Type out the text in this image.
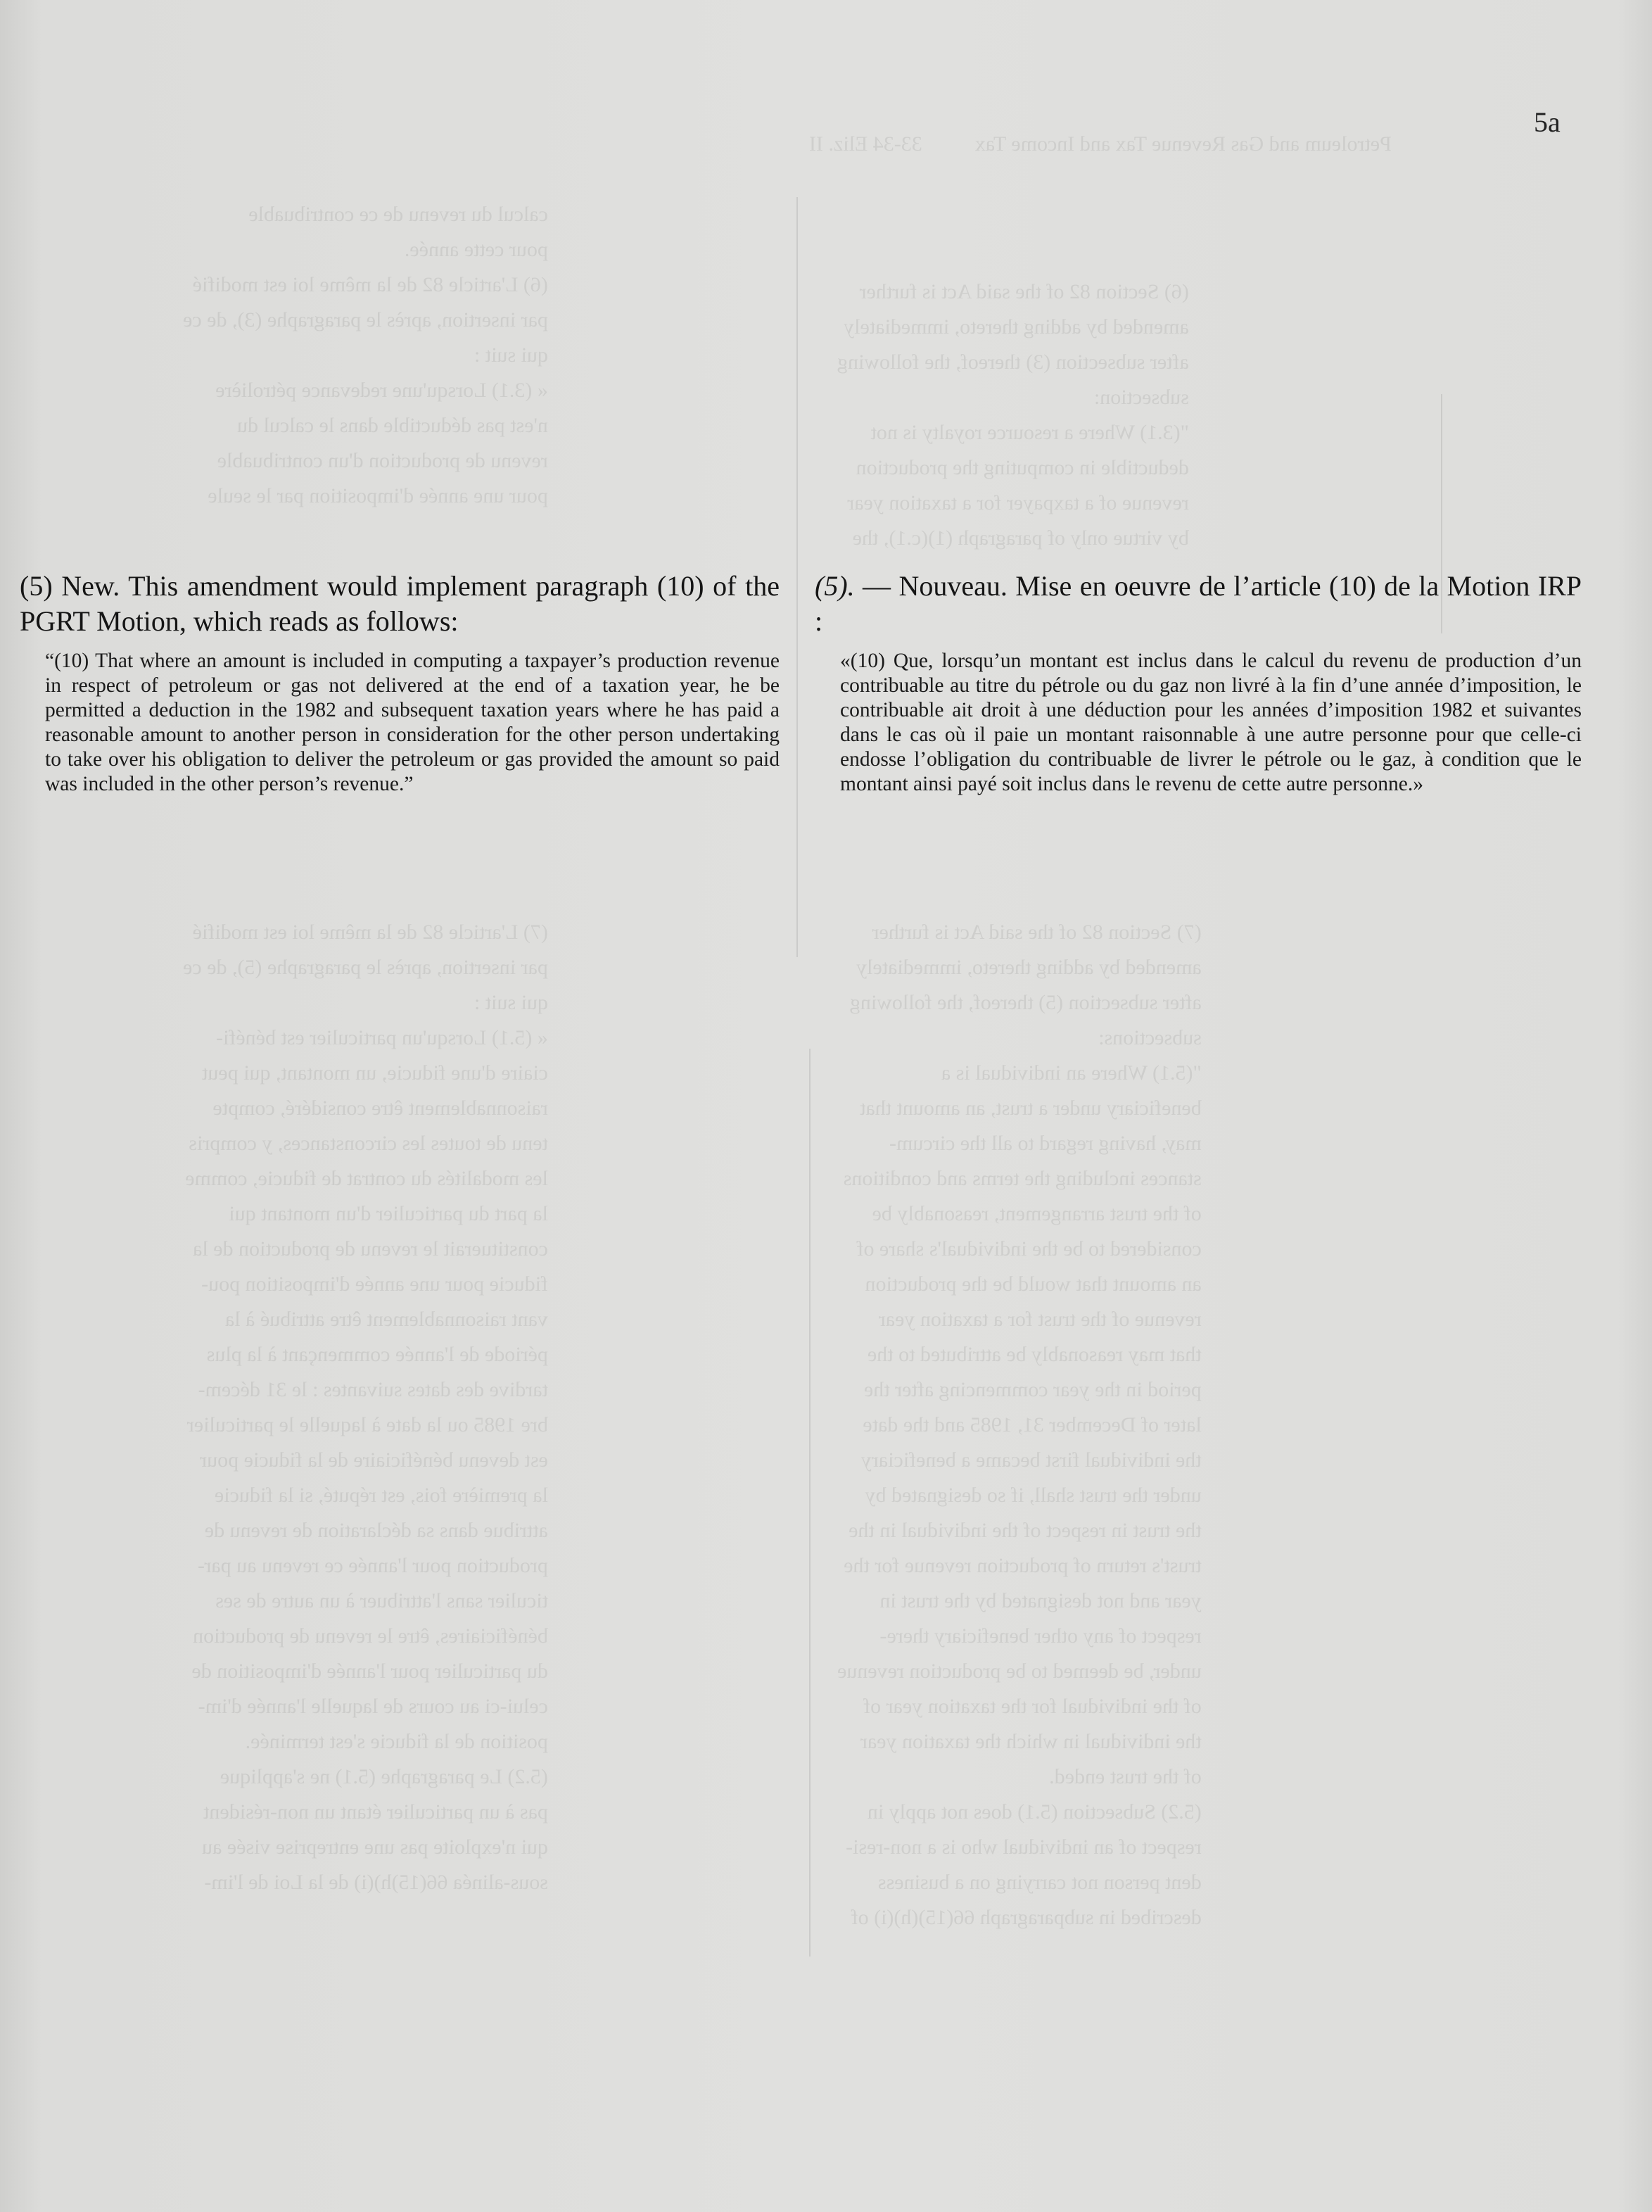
Petroleum and Gas Revenue Tax and Income Tax          33-34 Eliz. II
calcul du revenu de ce contribuable
pour cette année.
(6) L'article 82 de la même loi est modifié
par insertion, après le paragraphe (3), de ce
qui suit :
« (3.1) Lorsqu'une redevance pétrolière
n'est pas déductible dans le calcul du
revenu de production d'un contribuable
pour une année d'imposition par le seule
(6) Section 82 of the said Act is further
amended by adding thereto, immediately
after subsection (3) thereof, the following
subsection:
"(3.1) Where a resource royalty is not
deductible in computing the production
revenue of a taxpayer for a taxation year
by virtue only of paragraph (1)(c.1), the
(7) L'article 82 de la même loi est modifié
par insertion, après le paragraphe (5), de ce
qui suit :
« (5.1) Lorsqu'un particulier est bénéfi-
ciaire d'une fiducie, un montant, qui peut
raisonnablement être considéré, compte
tenu de toutes les circonstances, y compris
les modalités du contrat de fiducie, comme
la part du particulier d'un montant qui
constituerait le revenu de production de la
fiducie pour une année d'imposition pou-
vant raisonnablement être attribué à la
période de l'année commençant à la plus
tardive des dates suivantes : le 31 décem-
bre 1985 ou la date à laquelle le particulier
est devenu bénéficiaire de la fiducie pour
la première fois, est réputé, si la fiducie
attribue dans sa déclaration de revenu de
production pour l'année ce revenu au par-
ticulier sans l'attribuer à un autre de ses
bénéficiaires, être le revenu de production
du particulier pour l'année d'imposition de
celui-ci au cours de laquelle l'année d'im-
position de la fiducie s'est terminée.
(5.2) Le paragraphe (5.1) ne s'applique
pas à un particulier étant un non-résident
qui n'exploite pas une entreprise visée au
sous-alinéa 66(15)h)(i) de la Loi de l'im-
(7) Section 82 of the said Act is further
amended by adding thereto, immediately
after subsection (5) thereof, the following
subsections:
"(5.1) Where an individual is a
beneficiary under a trust, an amount that
may, having regard to all the circum-
stances including the terms and conditions
of the trust arrangement, reasonably be
considered to be the individual's share of
an amount that would be the production
revenue of the trust for a taxation year
that may reasonably be attributed to the
period in the year commencing after the
later of December 31, 1985 and the date
the individual first became a beneficiary
under the trust shall, if so designated by
the trust in respect of the individual in the
trust's return of production revenue for the
year and not designated by the trust in
respect of any other beneficiary there-
under, be deemed to be production revenue
of the individual for the taxation year of
the individual in which the taxation year
of the trust ended.
(5.2) Subsection (5.1) does not apply in
respect of an individual who is a non-resi-
dent person not carrying on a business
described in subparagraph 66(15)(h)(i) of
5a

(5) New. This amendment would implement paragraph (10) of the PGRT Motion, which reads as follows:

“(10) That where an amount is included in computing a taxpayer’s production revenue in respect of petroleum or gas not delivered at the end of a taxation year, he be permitted a deduction in the 1982 and subsequent taxation years where he has paid a reasonable amount to another person in consideration for the other person undertaking to take over his obligation to deliver the petroleum or gas provided the amount so paid was included in the other person’s revenue.”

(5). — Nouveau. Mise en oeuvre de l’article (10) de la Motion IRP :

«(10) Que, lorsqu’un montant est inclus dans le calcul du revenu de production d’un contribuable au titre du pétrole ou du gaz non livré à la fin d’une année d’imposition, le contribuable ait droit à une déduction pour les années d’imposition 1982 et suivantes dans le cas où il paie un montant raisonnable à une autre personne pour que celle-ci endosse l’obligation du contribuable de livrer le pétrole ou le gaz, à condition que le montant ainsi payé soit inclus dans le revenu de cette autre personne.»
